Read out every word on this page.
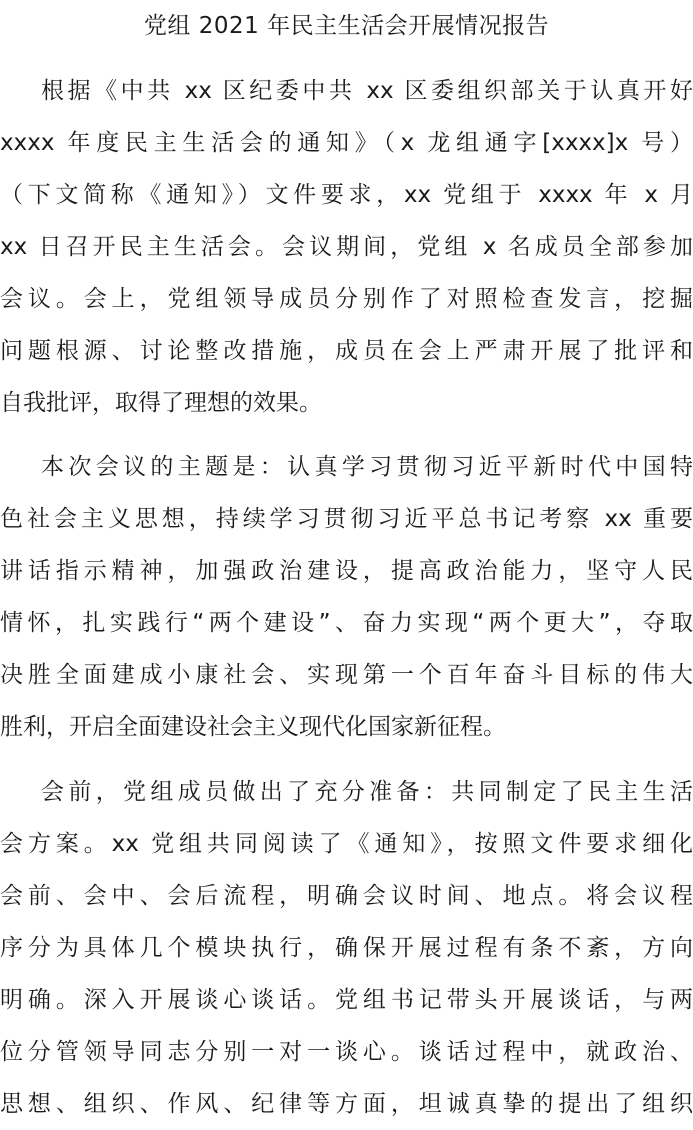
党组 2021 年民主生活会开展情况报告
根据《中共 xx 区纪委中共 xx 区委组织部关于认真开好
xxxx 年度民主生活会的通知》（x 龙组通字[xxxx]x 号）
（下文简称《通知》）文件要求，xx 党组于 xxxx 年 x 月
xx 日召开民主生活会。会议期间，党组 x 名成员全部参加
会议。会上，党组领导成员分别作了对照检查发言，挖掘
问题根源、讨论整改措施，成员在会上严肃开展了批评和
自我批评，取得了理想的效果。
本次会议的主题是：认真学习贯彻习近平新时代中国特
色社会主义思想，持续学习贯彻习近平总书记考察 xx 重要
讲话指示精神，加强政治建设，提高政治能力，坚守人民
情怀，扎实践行“两个建设”、奋力实现“两个更大”，夺取
决胜全面建成小康社会、实现第一个百年奋斗目标的伟大
胜利，开启全面建设社会主义现代化国家新征程。
会前，党组成员做出了充分准备：共同制定了民主生活
会方案。xx 党组共同阅读了《通知》，按照文件要求细化
会前、会中、会后流程，明确会议时间、地点。将会议程
序分为具体几个模块执行，确保开展过程有条不紊，方向
明确。深入开展谈心谈话。党组书记带头开展谈话，与两
位分管领导同志分别一对一谈心。谈话过程中，就政治、
思想、组织、作风、纪律等方面，坦诚真挚的提出了组织
